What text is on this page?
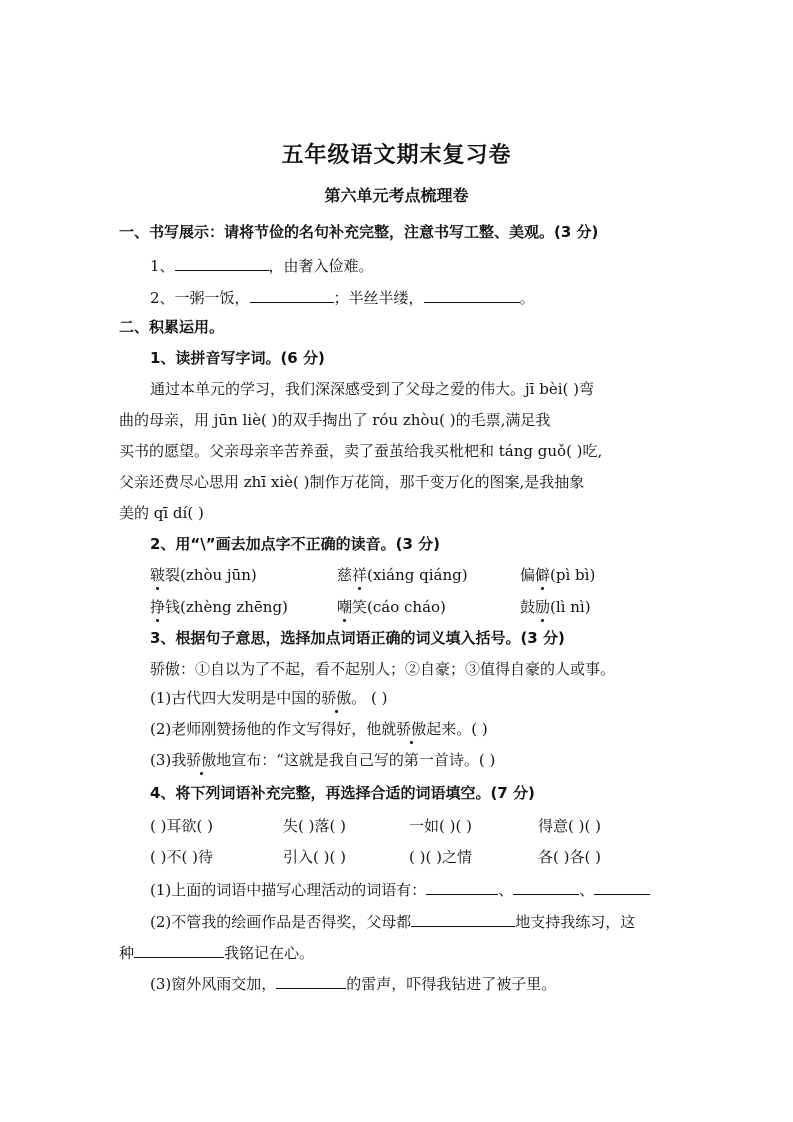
五年级语文期末复习卷
第六单元考点梳理卷
一、书写展示：请将节俭的名句补充完整，注意书写工整、美观。(3 分)
1、	，由奢入俭难。
2、一粥一饭，	；半丝半缕，	。
二、积累运用。
1、读拼音写字词。(6 分)
通过本单元的学习，我们深深感受到了父母之爱的伟大。jī bèi( )弯
曲的母亲，用 jūn liè( )的双手掏出了 róu zhòu( )的毛票,满足我
买书的愿望。父亲母亲辛苦养蚕，卖了蚕茧给我买枇杷和 táng guǒ( )吃,
父亲还费尽心思用 zhī xiè( )制作万花筒，那千变万化的图案,是我抽象
美的 qī dí( )
2、用“\”画去加点字不正确的读音。(3 分)
皲裂(zhòu jūn)	慈祥(xiáng qiáng)	偏僻(pì bì)
挣钱(zhèng zhēng)	嘲笑(cáo cháo)	鼓励(lì nì)
3、根据句子意思，选择加点词语正确的词义填入括号。(3 分)
骄傲：①自以为了不起，看不起别人；②自豪；③值得自豪的人或事。
(1)古代四大发明是中国的骄傲。 ( )
(2)老师刚赞扬他的作文写得好，他就骄傲起来。( )
(3)我骄傲地宣布：“这就是我自己写的第一首诗。( )
4、将下列词语补充完整，再选择合适的词语填空。(7 分)
( )耳欲( )	失( )落( )	一如( )( )	得意( )( )
( )不( )待	引入( )( )	( )( )之情	各( )各( )
(1)上面的词语中描写心理活动的词语有：	、	、
(2)不管我的绘画作品是否得奖，父母都	地支持我练习，这
种	我铭记在心。
(3)窗外风雨交加，	的雷声，吓得我钻进了被子里。
